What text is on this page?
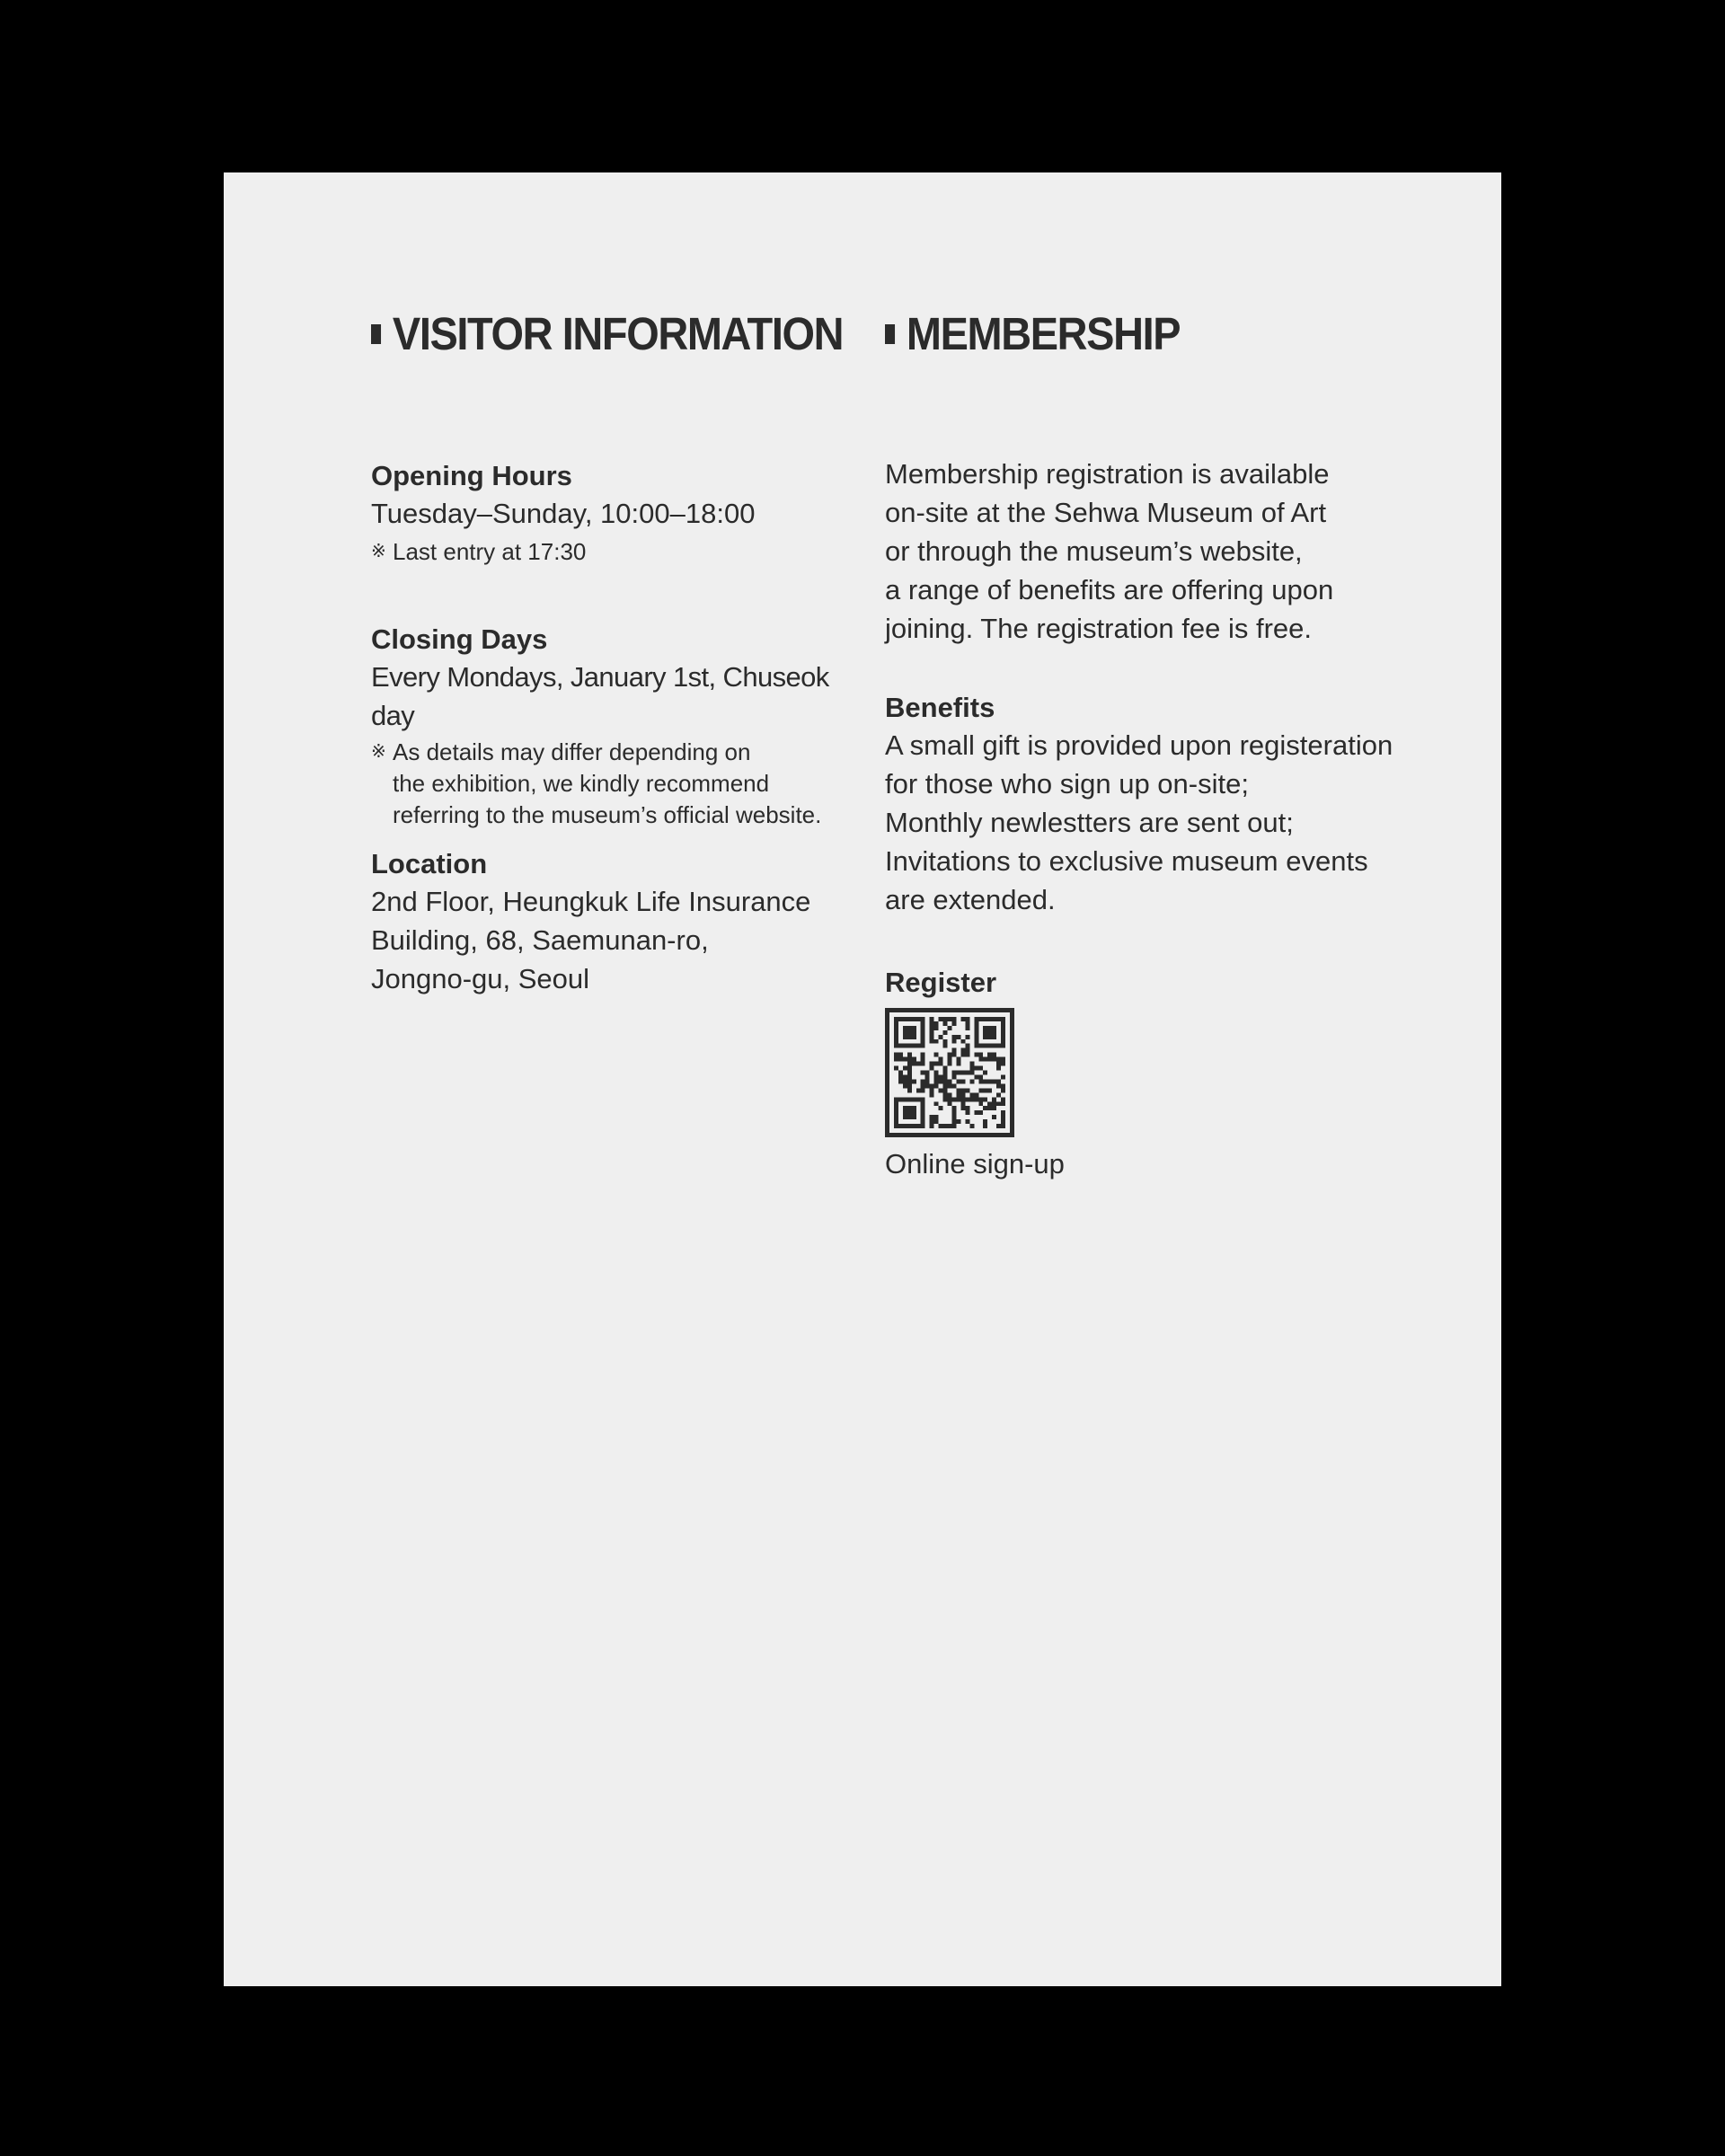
VISITOR INFORMATION
Opening Hours
Tuesday–Sunday, 10:00–18:00
※ Last entry at 17:30
Closing Days
Every Mondays, January 1st, Chuseok day
※ As details may differ depending on
the exhibition, we kindly recommend
referring to the museum’s official website.
Location
2nd Floor, Heungkuk Life Insurance
Building, 68, Saemunan-ro,
Jongno-gu, Seoul
MEMBERSHIP
Membership registration is available
on-site at the Sehwa Museum of Art
or through the museum’s website,
a range of benefits are offering upon
joining. The registration fee is free.
Benefits
A small gift is provided upon registeration
for those who sign up on-site;
Monthly newlestters are sent out;
Invitations to exclusive museum events
are extended.
Register
Online sign-up
